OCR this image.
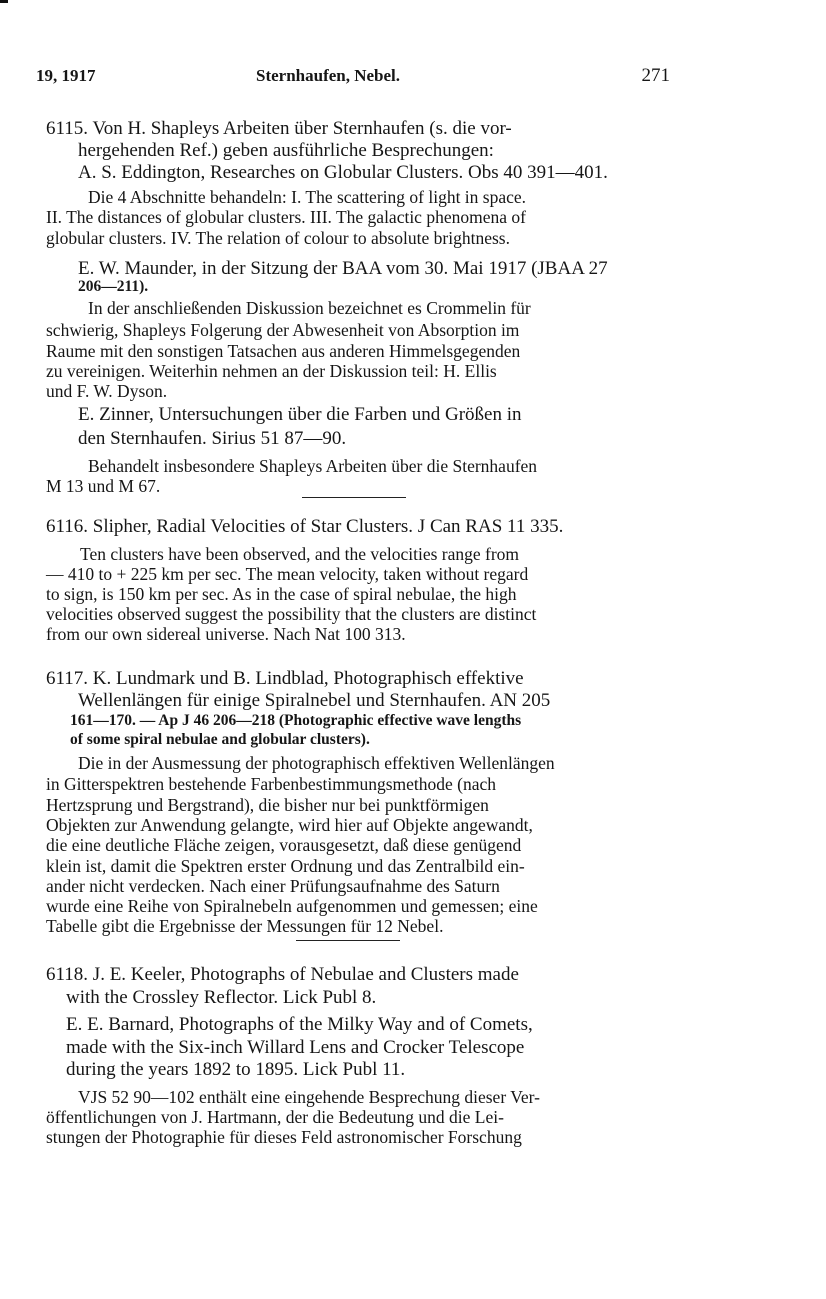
19, 1917	Sternhaufen, Nebel.	271
6115. Von H. Shapleys Arbeiten über Sternhaufen (s. die vor-
hergehenden Ref.) geben ausführliche Besprechungen:
A. S. Eddington, Researches on Globular Clusters. Obs 40 391—401.
Die 4 Abschnitte behandeln: I. The scattering of light in space.
II. The distances of globular clusters. III. The galactic phenomena of
globular clusters. IV. The relation of colour to absolute brightness.
E. W. Maunder, in der Sitzung der BAA vom 30. Mai 1917 (JBAA 27
206—211).
In der anschließenden Diskussion bezeichnet es Crommelin für
schwierig, Shapleys Folgerung der Abwesenheit von Absorption im
Raume mit den sonstigen Tatsachen aus anderen Himmelsgegenden
zu vereinigen. Weiterhin nehmen an der Diskussion teil: H. Ellis
und F. W. Dyson.
E. Zinner, Untersuchungen über die Farben und Größen in
den Sternhaufen. Sirius 51 87—90.
Behandelt insbesondere Shapleys Arbeiten über die Sternhaufen
M 13 und M 67.
6116. Slipher, Radial Velocities of Star Clusters. J Can RAS 11 335.
Ten clusters have been observed, and the velocities range from
— 410 to + 225 km per sec. The mean velocity, taken without regard
to sign, is 150 km per sec. As in the case of spiral nebulae, the high
velocities observed suggest the possibility that the clusters are distinct
from our own sidereal universe. Nach Nat 100 313.
6117. K. Lundmark und B. Lindblad, Photographisch effektive
Wellenlängen für einige Spiralnebel und Sternhaufen. AN 205
161—170. — Ap J 46 206—218 (Photographic effective wave lengths
of some spiral nebulae and globular clusters).
Die in der Ausmessung der photographisch effektiven Wellenlängen
in Gitterspektren bestehende Farbenbestimmungsmethode (nach
Hertzsprung und Bergstrand), die bisher nur bei punktförmigen
Objekten zur Anwendung gelangte, wird hier auf Objekte angewandt,
die eine deutliche Fläche zeigen, vorausgesetzt, daß diese genügend
klein ist, damit die Spektren erster Ordnung und das Zentralbild ein-
ander nicht verdecken. Nach einer Prüfungsaufnahme des Saturn
wurde eine Reihe von Spiralnebeln aufgenommen und gemessen; eine
Tabelle gibt die Ergebnisse der Messungen für 12 Nebel.
6118. J. E. Keeler, Photographs of Nebulae and Clusters made
with the Crossley Reflector. Lick Publ 8.
E. E. Barnard, Photographs of the Milky Way and of Comets,
made with the Six-inch Willard Lens and Crocker Telescope
during the years 1892 to 1895. Lick Publ 11.
VJS 52 90—102 enthält eine eingehende Besprechung dieser Ver-
öffentlichungen von J. Hartmann, der die Bedeutung und die Lei-
stungen der Photographie für dieses Feld astronomischer Forschung
